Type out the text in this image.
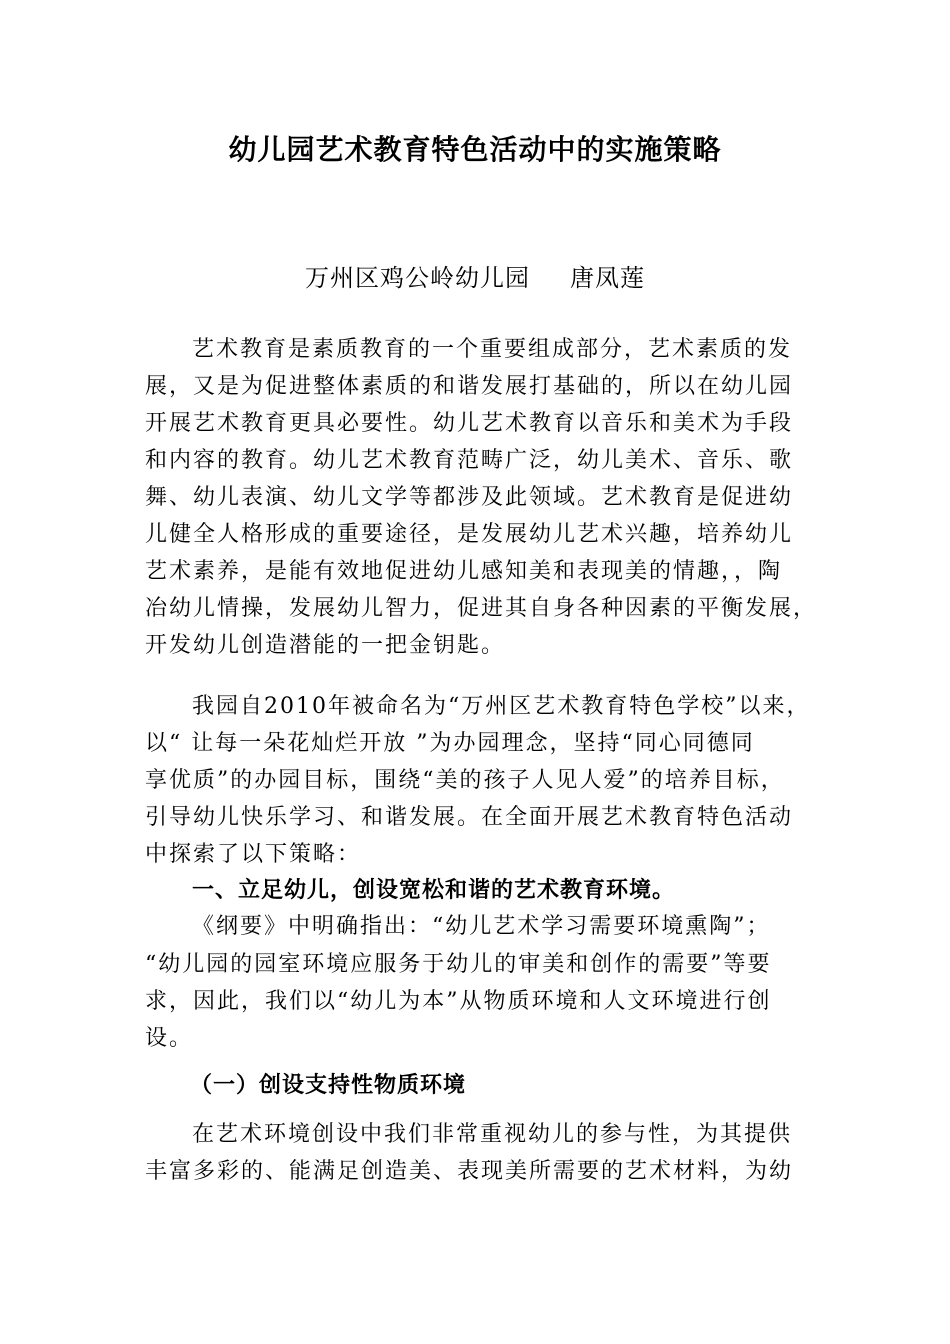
幼儿园艺术教育特色活动中的实施策略
万州区鸡公岭幼儿园 唐凤莲
艺术教育是素质教育的一个重要组成部分，艺术素质的发
展，又是为促进整体素质的和谐发展打基础的，所以在幼儿园
开展艺术教育更具必要性。幼儿艺术教育以音乐和美术为手段
和内容的教育。幼儿艺术教育范畴广泛，幼儿美术、音乐、歌
舞、幼儿表演、幼儿文学等都涉及此领域。艺术教育是促进幼
儿健全人格形成的重要途径，是发展幼儿艺术兴趣，培养幼儿
艺术素养，是能有效地促进幼儿感知美和表现美的情趣，，陶
冶幼儿情操，发展幼儿智力，促进其自身各种因素的平衡发展，
开发幼儿创造潜能的一把金钥匙。
我园自2010年被命名为“万州区艺术教育特色学校”以来，
以“ 让每一朵花灿烂开放 ”为办园理念，坚持“同心同德同
享优质”的办园目标，围绕“美的孩子人见人爱”的培养目标，
引导幼儿快乐学习、和谐发展。在全面开展艺术教育特色活动
中探索了以下策略：
一、立足幼儿，创设宽松和谐的艺术教育环境。
《纲要》中明确指出：“幼儿艺术学习需要环境熏陶”；
“幼儿园的园室环境应服务于幼儿的审美和创作的需要”等要
求，因此，我们以“幼儿为本”从物质环境和人文环境进行创
设。
（一）创设支持性物质环境
在艺术环境创设中我们非常重视幼儿的参与性，为其提供
丰富多彩的、能满足创造美、表现美所需要的艺术材料，为幼
